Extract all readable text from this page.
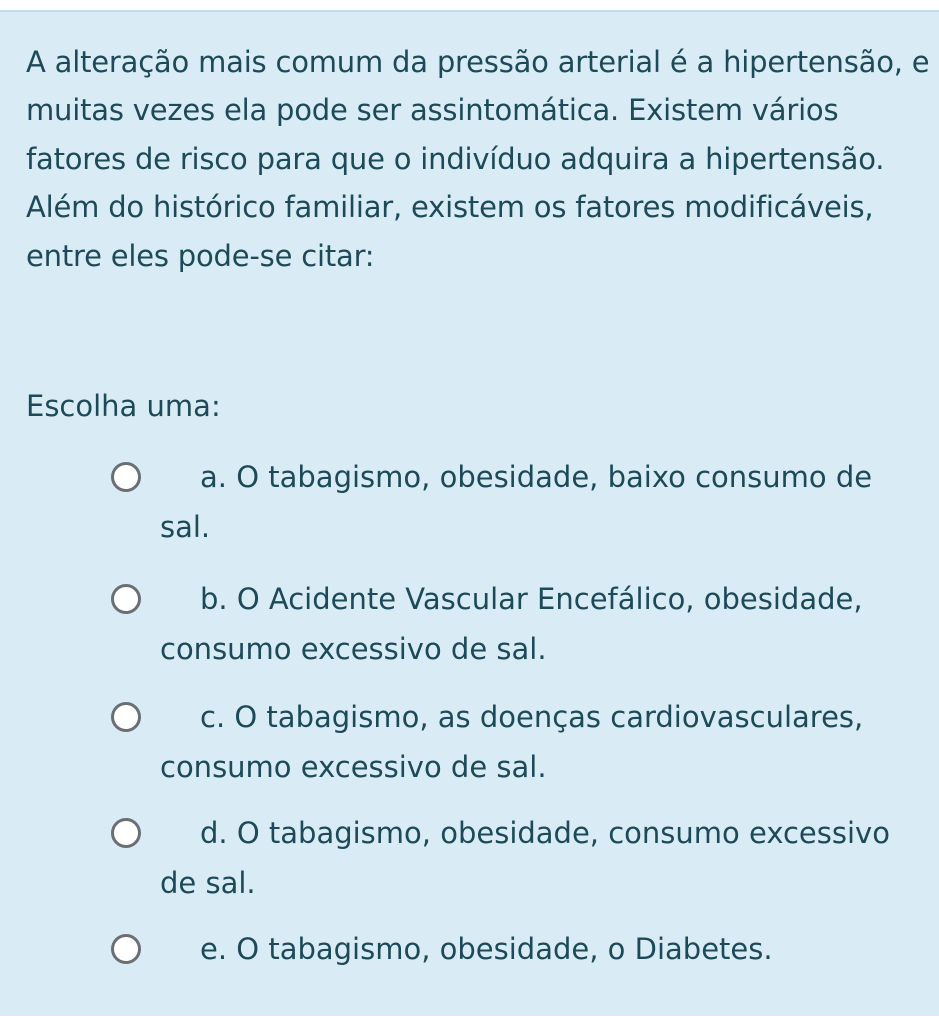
A alteração mais comum da pressão arterial é a hipertensão, e muitas vezes ela pode ser assintomática. Existem vários fatores de risco para que o indivíduo adquira a hipertensão. Além do histórico familiar, existem os fatores modificáveis, entre eles pode-se citar:

Escolha uma:

a. O tabagismo, obesidade, baixo consumo de sal.
b. O Acidente Vascular Encefálico, obesidade, consumo excessivo de sal.
c. O tabagismo, as doenças cardiovasculares, consumo excessivo de sal.
d. O tabagismo, obesidade, consumo excessivo de sal.
e. O tabagismo, obesidade, o Diabetes.
